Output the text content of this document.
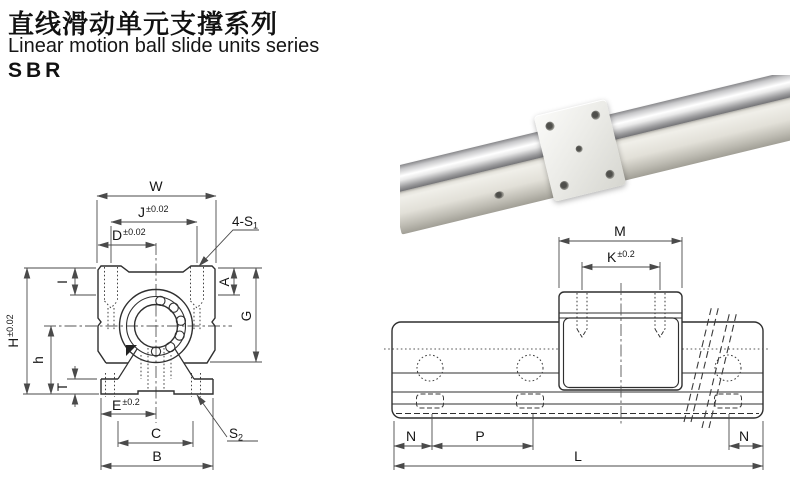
直线滑动单元支撑系列
Linear motion ball slide units series
SBR
W
$J^{\pm 0.02}$
$D^{\pm 0.02}$
4-S1
I	A
G
$H^{\pm 0.02}$
h
T
$E^{\pm 0.2}$
C
B
S2
M
$K^{\pm 0.2}$
N	P	N
L
